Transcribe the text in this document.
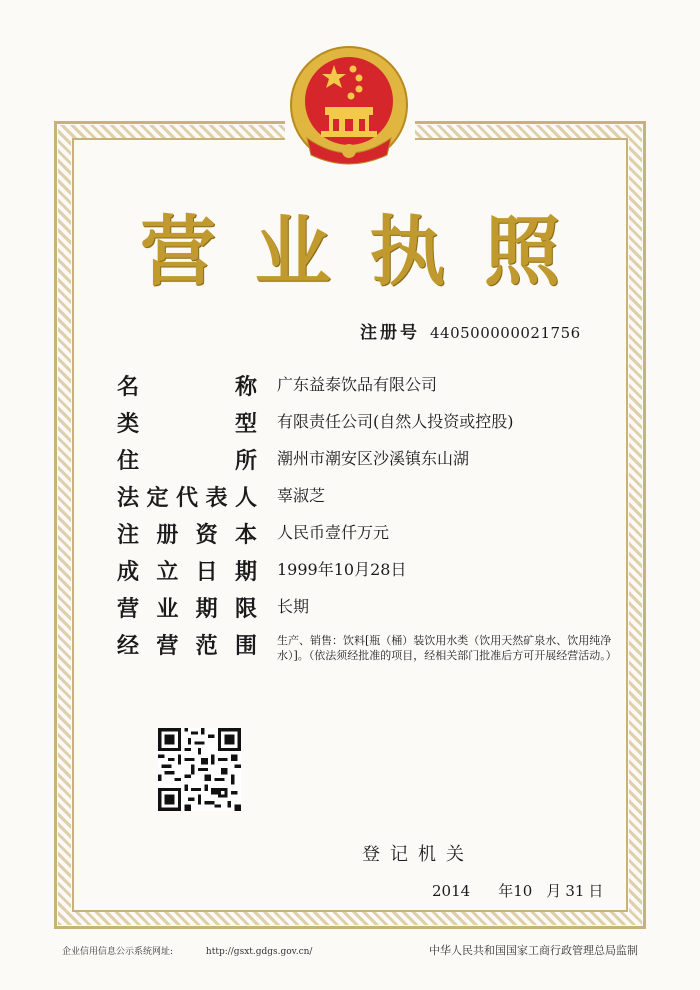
营 业 执 照
注册号 440500000021756
名	称 广东益泰饮品有限公司
类	型 有限责任公司(自然人投资或控股)
住	所 潮州市潮安区沙溪镇东山湖
法 定 代 表 人 辜淑芝
注 册 资 本 人民币壹仟万元
成 立 日 期 1999年10月28日
营 业 期 限 长期
经 营 范 围 生产、销售：饮料[瓶（桶）装饮用水类（饮用天然矿泉水、饮用纯净水）]。（依法须经批准的项目，经相关部门批准后方可开展经营活动。）
登记机关
2014 年 10 月 31 日
企业信用信息公示系统网址:	http://gsxt.gdgs.gov.cn/	中华人民共和国国家工商行政管理总局监制
